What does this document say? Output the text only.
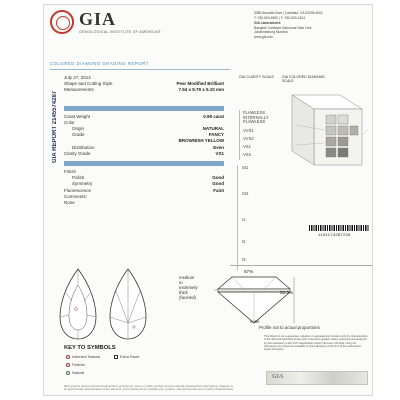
GIA
GEMOLOGICAL INSTITUTE OF AMERICA®
5355 Armada Drive | Carlsbad, CA 92008-4602
T: 760-603-4500 | F: 760-603-1814
GIA Laboratories
Bangkok Carlsbad Gaborone New York
Johannesburg Mumbai
www.gia.edu
COLORED DIAMOND GRADING REPORT
GIA REPORT 2145574287
July 27, 2012
Shape and Cutting Style	Pear Modified Brilliant
Measurements	7.54 x 9.79 x 5.10 mm
Carat Weight	0.99 carat
Color
Origin	NATURAL
Grade	FANCY
BROWNISH YELLOW
Distribution	Even
Clarity Grade	VS1
Finish
Polish	Good
Symmetry	Good
Fluorescence	Faint
Comments:
None
GIA CLARITY SCALE
FLAWLESS
INTERNALLY FLAWLESS
VVS1
VVS2
VS1
VS2
SI1
SI2
I1
I2
I3
GIA COLORED DIAMOND SCALE
1102174287226
57%
53.5%
medium
to
extremely
thick
(faceted)
none
Profile not to actual proportions
KEY TO SYMBOLS
Indented Natural	Extra Facet
Feather
Natural
Red symbols denote internal characteristics (inclusions). Green or black symbols denote external characteristics (blemishes). Diagram is an approximate representation of the diamond, and symbols shown indicate type, position, and approximate size of clarity characteristics.
This Report is not a guarantee, valuation or appraisal and contains only the characteristics of the diamond described herein after it has been graded, tested, examined and analyzed by GIA Laboratory under 10X magnification and/or has been inscribed, using the techniques and equipment available to GIA Laboratory at the time of the examination and/or inscription.
GIA
